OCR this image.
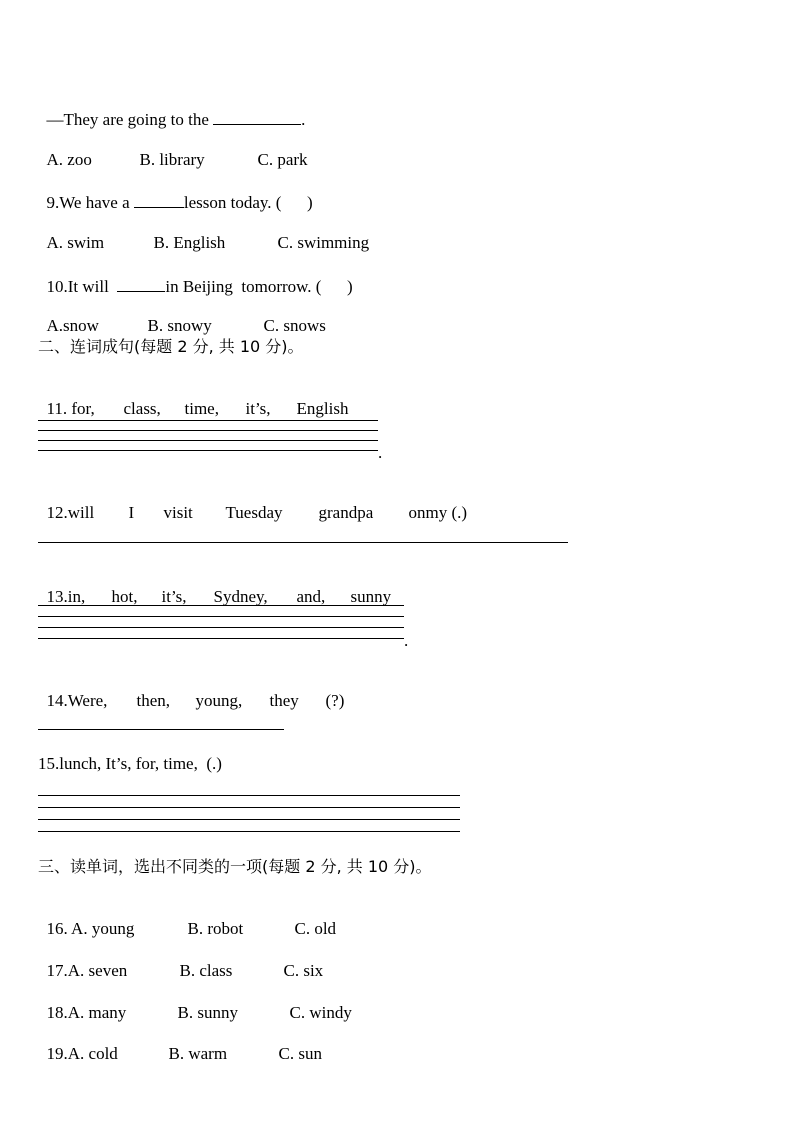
—They are going to the	.

A. zoo	B. library	C. park

9.We have a	lesson today. (      )

A. swim	B. English	C. swimming

10.It will	in Beijing  tomorrow. (      )

A.snow	B. snowy	C. snows

二、连词成句(每题 2 分, 共 10 分)。

11. for, class, time, it’s, English

.

12.will I visit Tuesday grandpa onmy (.)

13.in, hot, it’s, Sydney, and, sunny

.

14.Were, then, young, they (?)

15.lunch, It’s, for, time,  (.)
三、读单词，选出不同类的一项(每题 2 分, 共 10 分)。

16. A. young	B. robot	C. old

17.A. seven	B. class	C. six

18.A. many	B. sunny	C. windy

19.A. cold	B. warm	C. sun
